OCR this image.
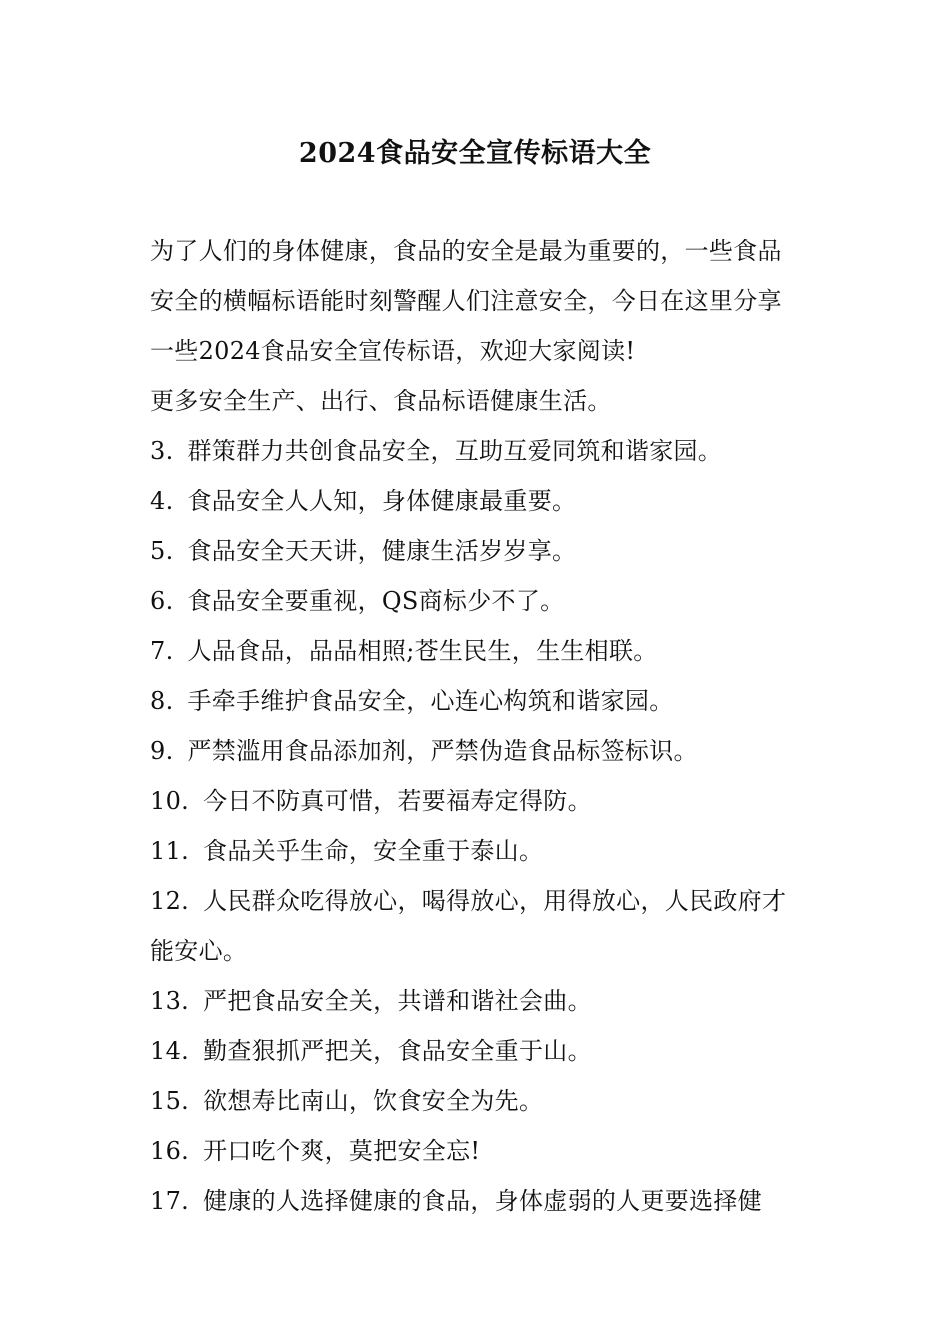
2024食品安全宣传标语大全

为了人们的身体健康，食品的安全是最为重要的，一些食品安全的横幅标语能时刻警醒人们注意安全，今日在这里分享一些2024食品安全宣传标语，欢迎大家阅读!

更多安全生产、出行、食品标语健康生活。

3. 群策群力共创食品安全，互助互爱同筑和谐家园。
4. 食品安全人人知，身体健康最重要。
5. 食品安全天天讲，健康生活岁岁享。
6. 食品安全要重视，QS商标少不了。
7. 人品食品，品品相照;苍生民生，生生相联。
8. 手牵手维护食品安全，心连心构筑和谐家园。
9. 严禁滥用食品添加剂，严禁伪造食品标签标识。
10. 今日不防真可惜，若要福寿定得防。
11. 食品关乎生命，安全重于泰山。
12. 人民群众吃得放心，喝得放心，用得放心，人民政府才能安心。
13. 严把食品安全关，共谱和谐社会曲。
14. 勤查狠抓严把关，食品安全重于山。
15. 欲想寿比南山，饮食安全为先。
16. 开口吃个爽，莫把安全忘!
17. 健康的人选择健康的食品，身体虚弱的人更要选择健
